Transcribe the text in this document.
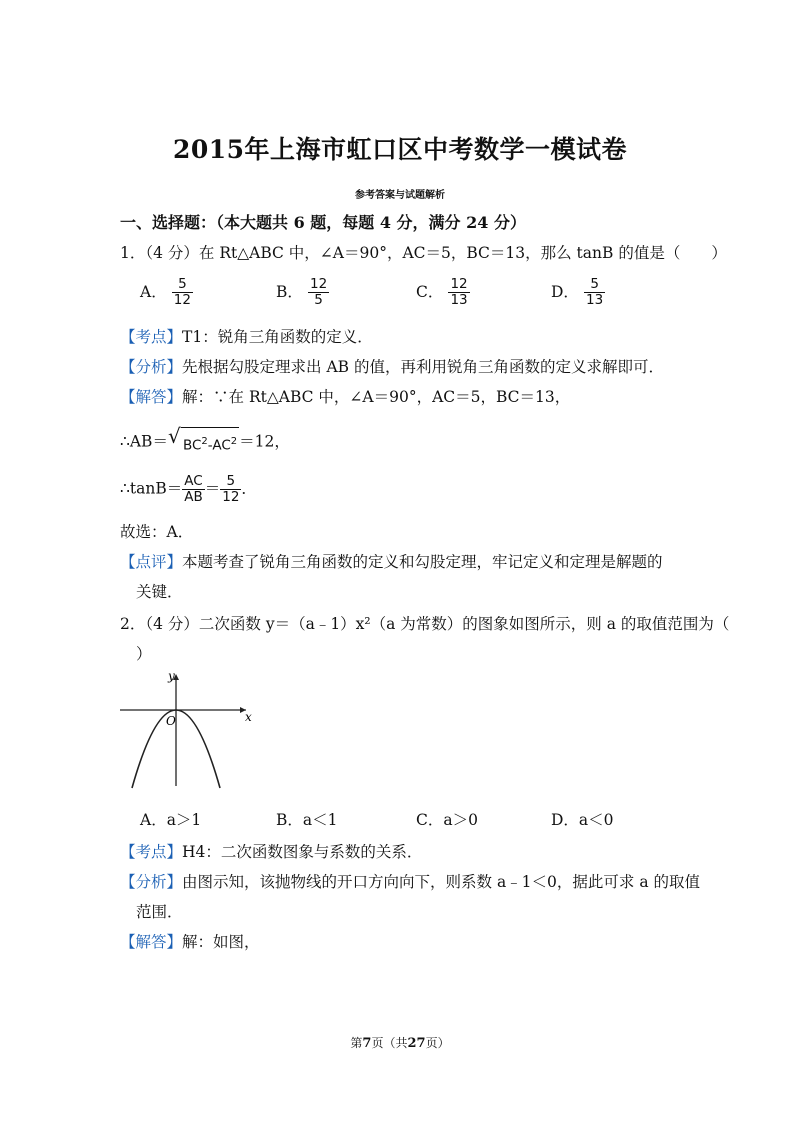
2015年上海市虹口区中考数学一模试卷
参考答案与试题解析
一、选择题：（本大题共 6 题，每题 4 分，满分 24 分）
1．（4 分）在 Rt△ABC 中，∠A＝90°，AC＝5，BC＝13，那么 tanB 的值是（　　）
A． $\frac{5}{12}$	B． $\frac{12}{5}$	C． $\frac{12}{13}$	D． $\frac{5}{13}$
【考点】T1：锐角三角函数的定义．
【分析】先根据勾股定理求出 AB 的值，再利用锐角三角函数的定义求解即可．
【解答】解：∵在 Rt△ABC 中，∠A＝90°，AC＝5，BC＝13，
∴AB＝ √ $BC^2-AC^2 =12$，
∴tanB＝ $\frac{AC}{AB} = \frac{5}{12}$ ．
故选：A．
【点评】本题考查了锐角三角函数的定义和勾股定理，牢记定义和定理是解题的
关键．
2．（4 分）二次函数 y＝（a﹣1）x²（a 为常数）的图象如图所示，则 a 的取值范围为（
）
y
x
O
A．a＞1	B．a＜1	C．a＞0	D．a＜0
【考点】H4：二次函数图象与系数的关系．
【分析】由图示知，该抛物线的开口方向向下，则系数 a﹣1＜0，据此可求 a 的取值
范围．
【解答】解：如图，
第7页（共27页）
